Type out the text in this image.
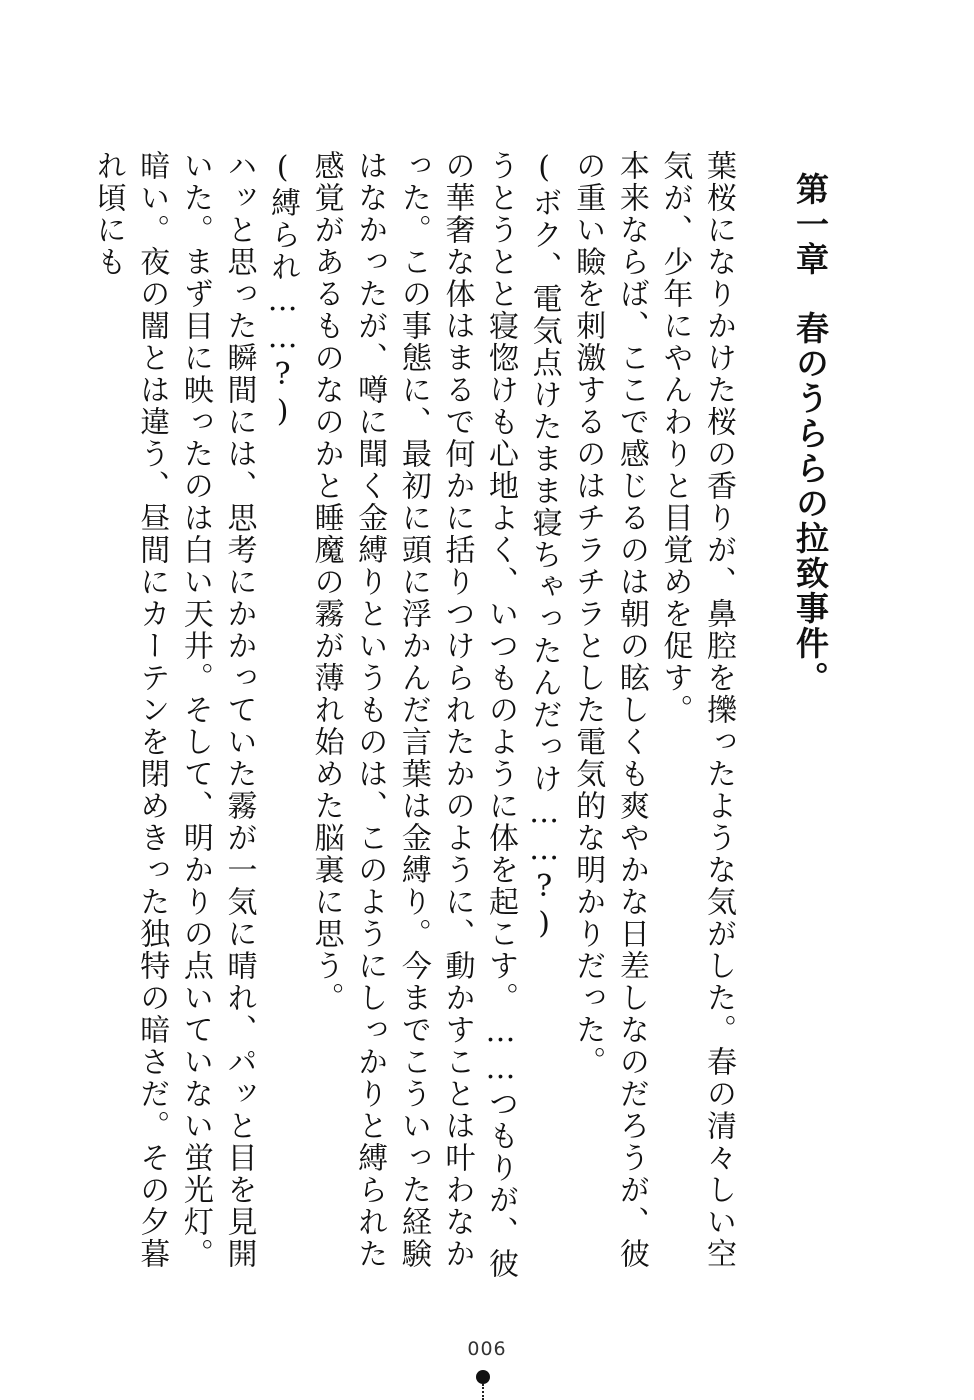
第一章春のうららの拉致事件。

葉桜になりかけた桜の香りが、鼻腔を擽ったような気がした。春の清々しい空気が、少年にやんわりと目覚めを促す。

本来ならば、ここで感じるのは朝の眩しくも爽やかな日差しなのだろうが、彼の重い瞼を刺激するのはチラチラとした電気的な明かりだった。

(ボク、電気点けたまま寝ちゃったんだっけ……?)

うとうとと寝惚けも心地よく、いつものように体を起こす。……つもりが、彼の華奢な体はまるで何かに括りつけられたかのように、動かすことは叶わなかった。この事態に、最初に頭に浮かんだ言葉は金縛り。今までこういった経験はなかったが、噂に聞く金縛りというものは、このようにしっかりと縛られた感覚があるものなのかと睡魔の霧が薄れ始めた脳裏に思う。

(縛られ……?)

ハッと思った瞬間には、思考にかかっていた霧が一気に晴れ、パッと目を見開いた。まず目に映ったのは白い天井。そして、明かりの点いていない蛍光灯。

暗い。夜の闇とは違う、昼間にカーテンを閉めきった独特の暗さだ。その夕暮れ頃にも

006
